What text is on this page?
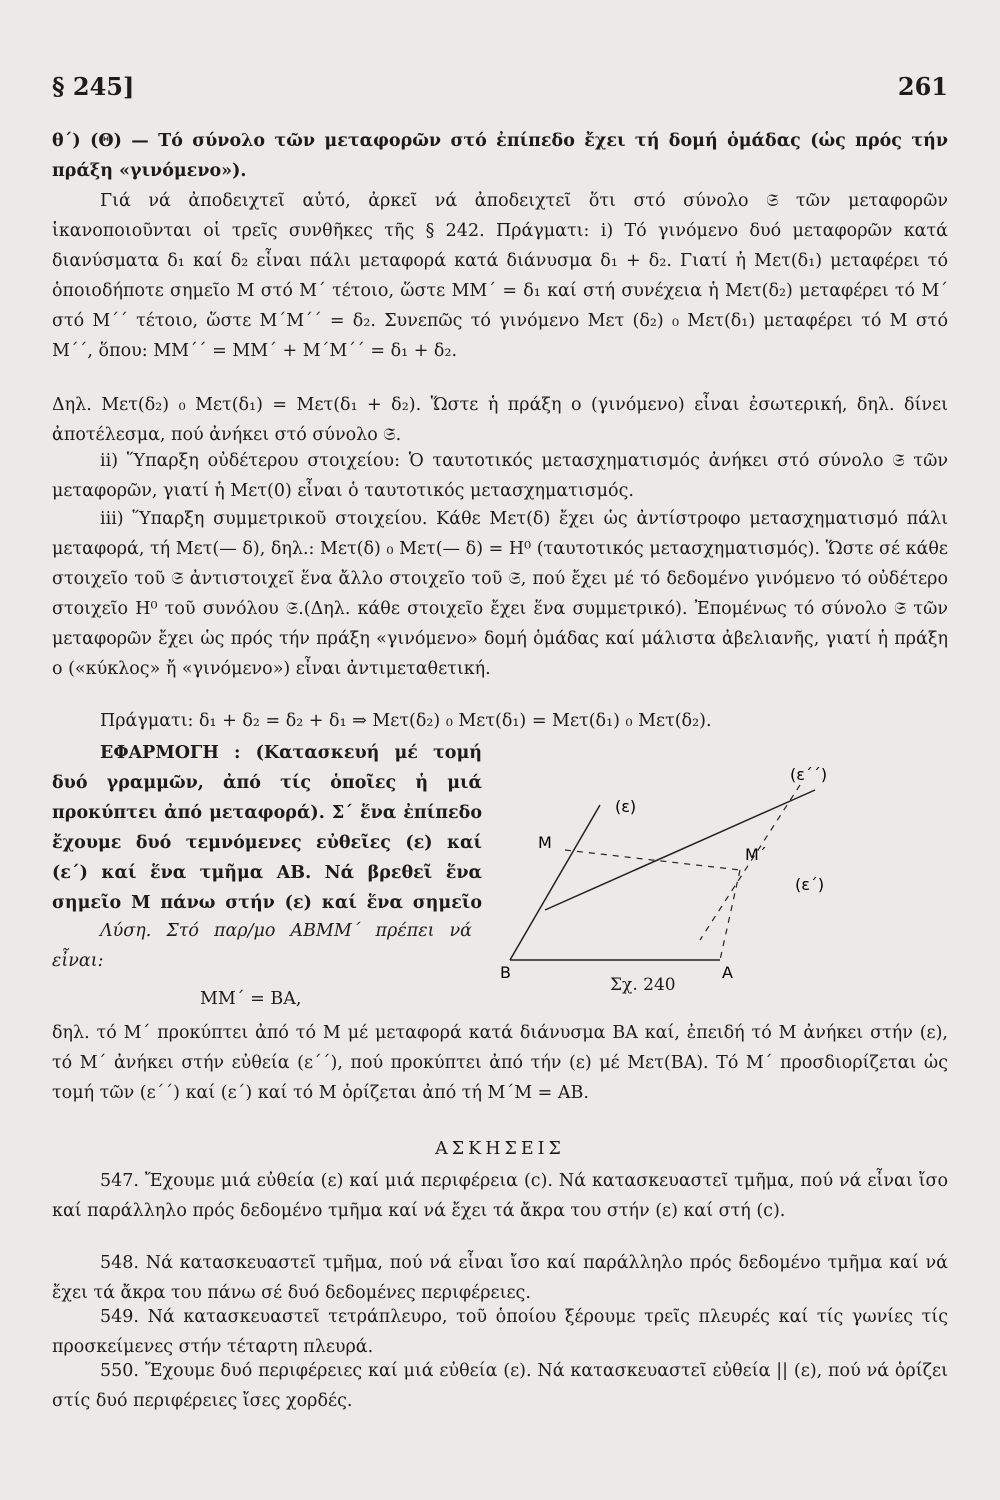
§ 245]	261
θ΄) (Θ) — Τό σύνολο τῶν μεταφορῶν στό ἐπίπεδο ἔχει τή δομή ὁμάδας (ὡς πρός τήν πράξη «γινόμενο»).
Γιά νά ἀποδειχτεῖ αὐτό, ἀρκεῖ νά ἀποδειχτεῖ ὅτι στό σύνολο 𝔖 τῶν μεταφορῶν ἱκανοποιοῦνται οἱ τρεῖς συνθῆκες τῆς § 242. Πράγματι: i) Τό γινόμενο δυό μεταφορῶν κατά διανύσματα δ₁ καί δ₂ εἶναι πάλι μεταφορά κατά διάνυσμα δ₁ + δ₂. Γιατί ἡ Μετ(δ₁) μεταφέρει τό ὁποιοδήποτε σημεῖο Μ στό Μ΄ τέτοιο, ὥστε ΜΜ΄ = δ₁ καί στή συνέχεια ἡ Μετ(δ₂) μεταφέρει τό Μ΄ στό Μ΄΄ τέτοιο, ὥστε Μ΄Μ΄΄ = δ₂. Συνεπῶς τό γινόμενο Μετ (δ₂) ₀ Μετ(δ₁) μεταφέρει τό Μ στό Μ΄΄, ὅπου: ΜΜ΄΄ = ΜΜ΄ + Μ΄Μ΄΄ = δ₁ + δ₂.
Δηλ. Μετ(δ₂) ₀ Μετ(δ₁) = Μετ(δ₁ + δ₂). Ὥστε ἡ πράξη ο (γινόμενο) εἶναι ἐσωτερική, δηλ. δίνει ἀποτέλεσμα, πού ἀνήκει στό σύνολο 𝔖.
ii) Ὕπαρξη οὐδέτερου στοιχείου: Ὁ ταυτοτικός μετασχηματισμός ἀνήκει στό σύνολο 𝔖 τῶν μεταφορῶν, γιατί ἡ Μετ(0) εἶναι ὁ ταυτοτικός μετασχηματισμός.
iii) Ὕπαρξη συμμετρικοῦ στοιχείου. Κάθε Μετ(δ) ἔχει ὡς ἀντίστροφο μετασχηματισμό πάλι μεταφορά, τή Μετ(— δ), δηλ.: Μετ(δ) ₀ Μετ(— δ) = Η⁰ (ταυτοτικός μετασχηματισμός). Ὥστε σέ κάθε στοιχεῖο τοῦ 𝔖 ἀντιστοιχεῖ ἕνα ἄλλο στοιχεῖο τοῦ 𝔖, πού ἔχει μέ τό δεδομένο γινόμενο τό οὐδέτερο στοιχεῖο Η⁰ τοῦ συνόλου 𝔖.(Δηλ. κάθε στοιχεῖο ἔχει ἕνα συμμετρικό). Ἐπομένως τό σύνολο 𝔖 τῶν μεταφορῶν ἔχει ὡς πρός τήν πράξη «γινόμενο» δομή ὁμάδας καί μάλιστα ἀβελιανῆς, γιατί ἡ πράξη ο («κύκλος» ἤ «γινόμενο») εἶναι ἀντιμεταθετική.
Πράγματι: δ₁ + δ₂ = δ₂ + δ₁ ⇒ Μετ(δ₂) ₀ Μετ(δ₁) = Μετ(δ₁) ₀ Μετ(δ₂).
ΕΦΑΡΜΟΓΗ : (Κατασκευή μέ τομή δυό γραμμῶν, ἀπό τίς ὁποῖες ἡ μιά προκύπτει ἀπό μεταφορά). Σ΄ ἕνα ἐπίπεδο ἔχουμε δυό τεμνόμενες εὐθεῖες (ε) καί (ε΄) καί ἕνα τμῆμα ΑΒ. Νά βρεθεῖ ἕνα σημεῖο Μ πάνω στήν (ε) καί ἕνα σημεῖο
Λύση. Στό παρ/μο ΑΒΜΜ΄ πρέπει νά εἶναι:
ΜΜ΄ = ΒΑ,
δηλ. τό Μ΄ προκύπτει ἀπό τό Μ μέ μεταφορά κατά διάνυσμα ΒΑ καί, ἐπειδή τό Μ ἀνήκει στήν (ε), τό Μ΄ ἀνήκει στήν εὐθεία (ε΄΄), πού προκύπτει ἀπό τήν (ε) μέ Μετ(ΒΑ). Τό Μ΄ προσδιορίζεται ὡς τομή τῶν (ε΄΄) καί (ε΄) καί τό Μ ὁρίζεται ἀπό τή Μ΄Μ = ΑΒ.
ΑΣΚΗΣΕΙΣ
547. Ἔχουμε μιά εὐθεία (ε) καί μιά περιφέρεια (c). Νά κατασκευαστεῖ τμῆμα, πού νά εἶναι ἴσο καί παράλληλο πρός δεδομένο τμῆμα καί νά ἔχει τά ἄκρα του στήν (ε) καί στή (c).
548. Νά κατασκευαστεῖ τμῆμα, πού νά εἶναι ἴσο καί παράλληλο πρός δεδομένο τμῆμα καί νά ἔχει τά ἄκρα του πάνω σέ δυό δεδομένες περιφέρειες.
549. Νά κατασκευαστεῖ τετράπλευρο, τοῦ ὁποίου ξέρουμε τρεῖς πλευρές καί τίς γωνίες τίς προσκείμενες στήν τέταρτη πλευρά.
550. Ἔχουμε δυό περιφέρειες καί μιά εὐθεία (ε). Νά κατασκευαστεῖ εὐθεία || (ε), πού νά ὁρίζει στίς δυό περιφέρειες ἴσες χορδές.
(ε)
(ε΄΄)
(ε΄)
Μ
Μ΄
Β	Α
Σχ. 240
